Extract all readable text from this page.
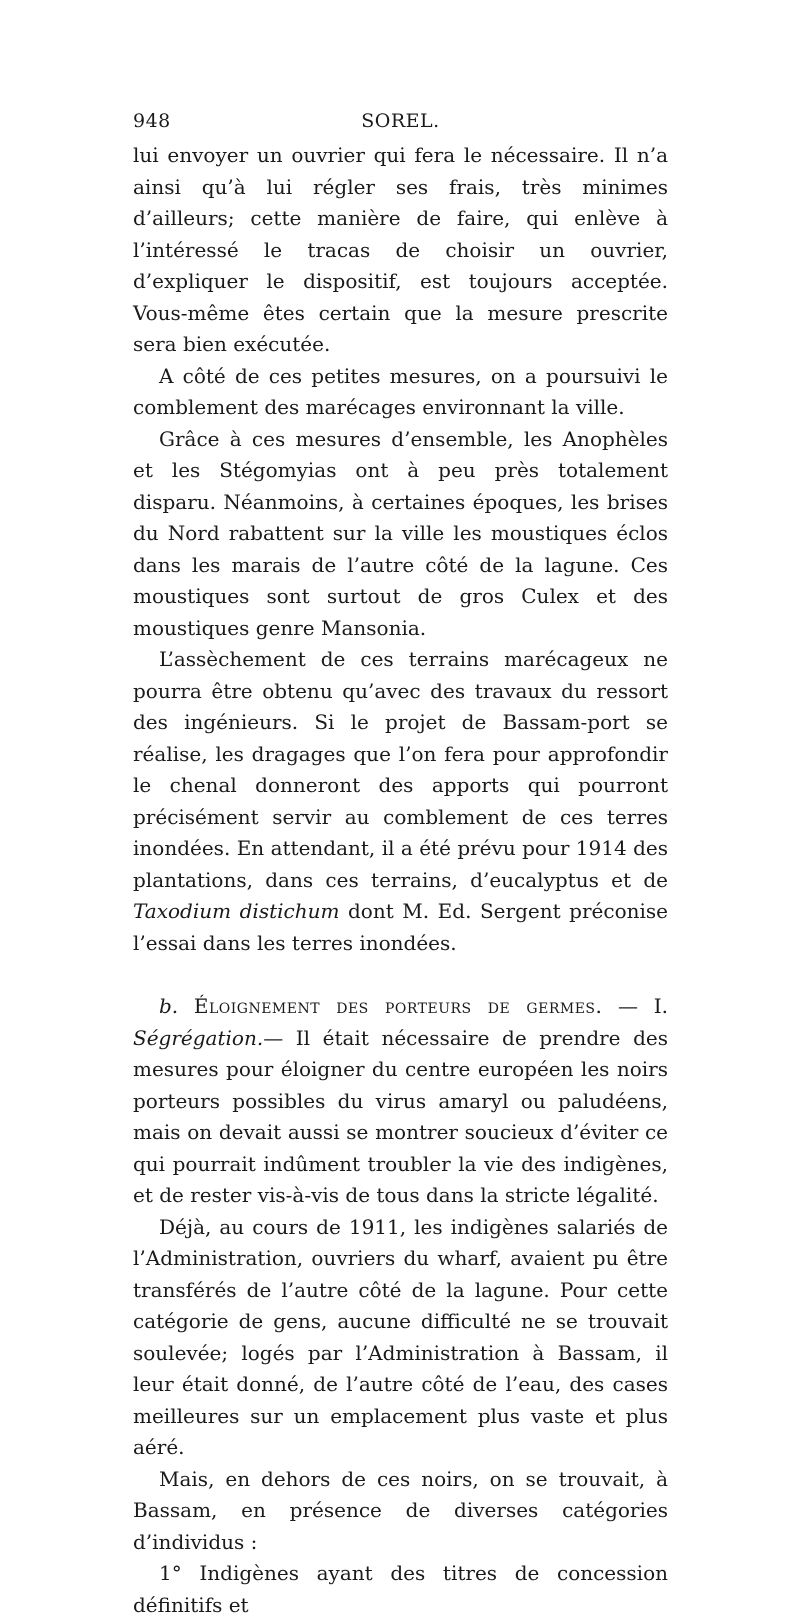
948	SOREL.

lui envoyer un ouvrier qui fera le nécessaire. Il n’a ainsi qu’à lui régler ses frais, très minimes d’ailleurs; cette manière de faire, qui enlève à l’intéressé le tracas de choisir un ouvrier, d’expliquer le dispositif, est toujours acceptée. Vous-même êtes certain que la mesure prescrite sera bien exécutée.

A côté de ces petites mesures, on a poursuivi le comblement des marécages environnant la ville.

Grâce à ces mesures d’ensemble, les Anophèles et les Stégomyias ont à peu près totalement disparu. Néanmoins, à certaines époques, les brises du Nord rabattent sur la ville les moustiques éclos dans les marais de l’autre côté de la lagune. Ces moustiques sont surtout de gros Culex et des moustiques genre Mansonia.

L’assèchement de ces terrains marécageux ne pourra être obtenu qu’avec des travaux du ressort des ingénieurs. Si le projet de Bassam-port se réalise, les dragages que l’on fera pour approfondir le chenal donneront des apports qui pourront précisément servir au comblement de ces terres inondées. En attendant, il a été prévu pour 1914 des plantations, dans ces terrains, d’eucalyptus et de Taxodium distichum dont M. Ed. Sergent préconise l’essai dans les terres inondées.

b. Éloignement des porteurs de germes. — I. Ségrégation.— Il était nécessaire de prendre des mesures pour éloigner du centre européen les noirs porteurs possibles du virus amaryl ou paludéens, mais on devait aussi se montrer soucieux d’éviter ce qui pourrait indûment troubler la vie des indigènes, et de rester vis-à-vis de tous dans la stricte légalité.

Déjà, au cours de 1911, les indigènes salariés de l’Administration, ouvriers du wharf, avaient pu être transférés de l’autre côté de la lagune. Pour cette catégorie de gens, aucune difficulté ne se trouvait soulevée; logés par l’Administration à Bassam, il leur était donné, de l’autre côté de l’eau, des cases meilleures sur un emplacement plus vaste et plus aéré.

Mais, en dehors de ces noirs, on se trouvait, à Bassam, en présence de diverses catégories d’individus :

1° Indigènes ayant des titres de concession définitifs et
